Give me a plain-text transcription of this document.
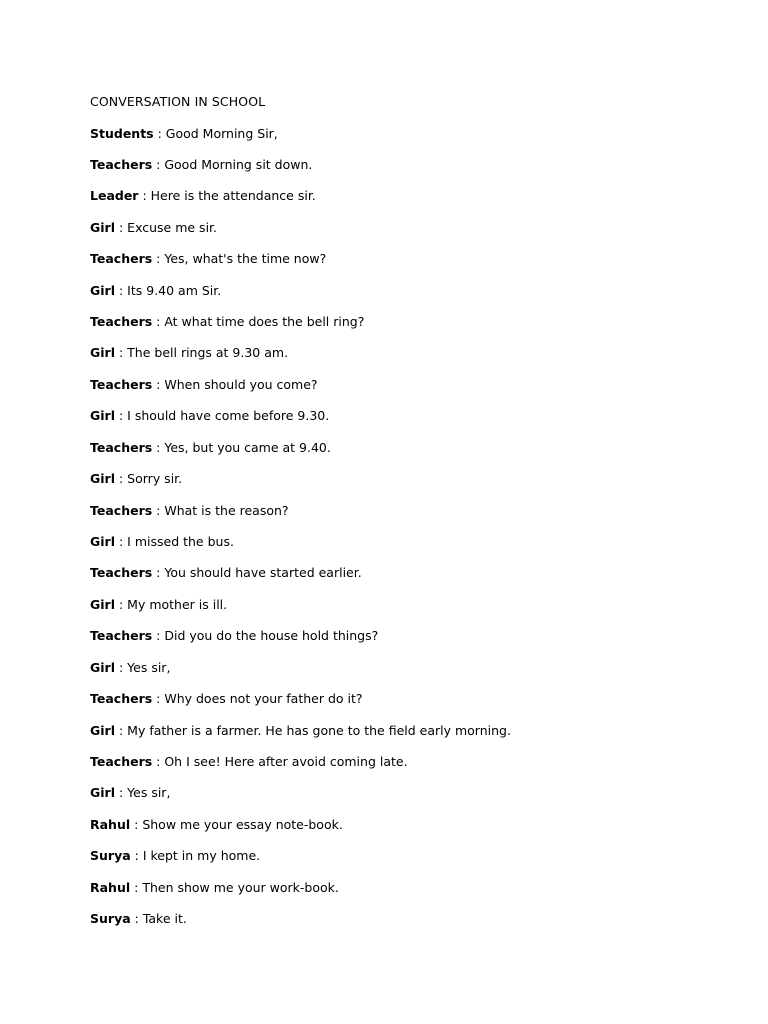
CONVERSATION IN SCHOOL
Students : Good Morning Sir,
Teachers : Good Morning sit down.
Leader : Here is the attendance sir.
Girl : Excuse me sir.
Teachers : Yes, what's the time now?
Girl : Its 9.40 am Sir.
Teachers : At what time does the bell ring?
Girl : The bell rings at 9.30 am.
Teachers : When should you come?
Girl : I should have come before 9.30.
Teachers : Yes, but you came at 9.40.
Girl : Sorry sir.
Teachers : What is the reason?
Girl : I missed the bus.
Teachers : You should have started earlier.
Girl : My mother is ill.
Teachers : Did you do the house hold things?
Girl : Yes sir,
Teachers : Why does not your father do it?
Girl : My father is a farmer. He has gone to the field early morning.
Teachers : Oh I see! Here after avoid coming late.
Girl : Yes sir,
Rahul : Show me your essay note-book.
Surya : I kept in my home.
Rahul : Then show me your work-book.
Surya : Take it.
